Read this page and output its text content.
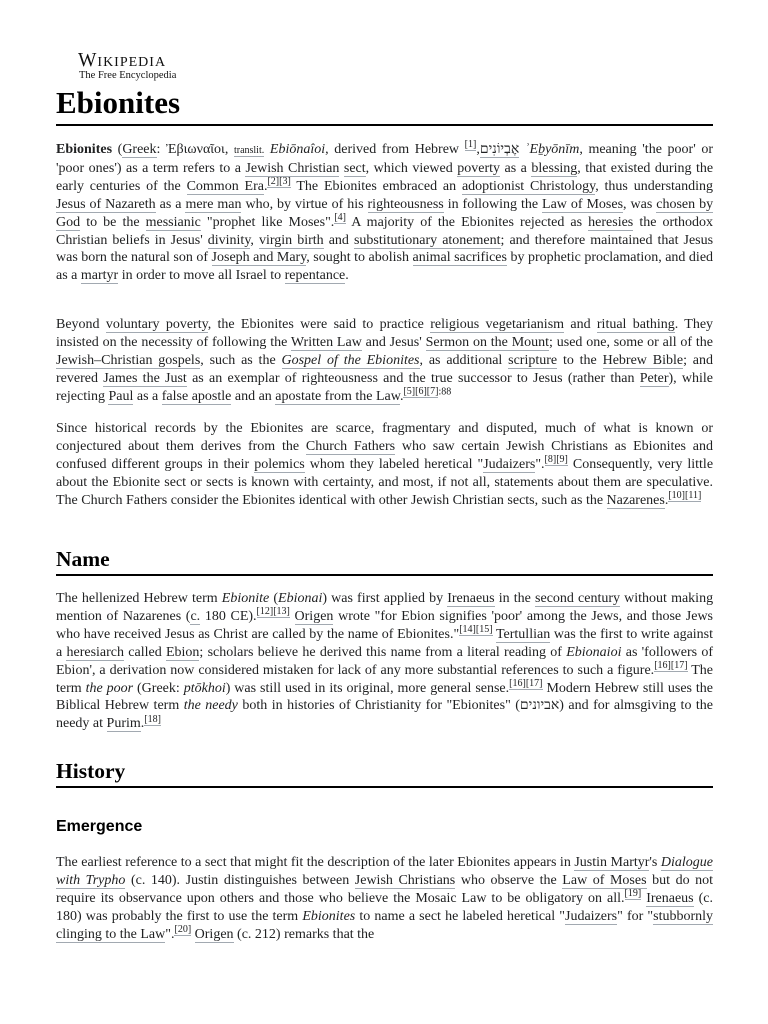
Wikipedia
The Free Encyclopedia
Ebionites

Ebionites (Greek: Ἐβιωναῖοι, translit. Ebiōnaîoi, derived from Hebrew אֶבְיוֹנִים,[1]	ʾEḇyōnīm, meaning 'the poor' or 'poor ones') as a term refers to a Jewish Christian sect, which viewed poverty as a blessing, that existed during the early centuries of the Common Era.[2][3] The Ebionites embraced an adoptionist Christology, thus understanding Jesus of Nazareth as a mere man who, by virtue of his righteousness in following the Law of Moses, was chosen by God to be the messianic "prophet like Moses".[4] A majority of the Ebionites rejected as heresies the orthodox Christian beliefs in Jesus' divinity, virgin birth and substitutionary atonement; and therefore maintained that Jesus was born the natural son of Joseph and Mary, sought to abolish animal sacrifices by prophetic proclamation, and died as a martyr in order to move all Israel to repentance.

Beyond voluntary poverty, the Ebionites were said to practice religious vegetarianism and ritual bathing. They insisted on the necessity of following the Written Law and Jesus' Sermon on the Mount; used one, some or all of the Jewish–Christian gospels, such as the Gospel of the Ebionites, as additional scripture to the Hebrew Bible; and revered James the Just as an exemplar of righteousness and the true successor to Jesus (rather than Peter), while rejecting Paul as a false apostle and an apostate from the Law.$^{[5][6][7]:88}$

Since historical records by the Ebionites are scarce, fragmentary and disputed, much of what is known or conjectured about them derives from the Church Fathers who saw certain Jewish Christians as Ebionites and confused different groups in their polemics whom they labeled heretical "Judaizers".[8][9] Consequently, very little about the Ebionite sect or sects is known with certainty, and most, if not all, statements about them are speculative. The Church Fathers consider the Ebionites identical with other Jewish Christian sects, such as the Nazarenes.[10][11]

Name

The hellenized Hebrew term Ebionite (Ebionai) was first applied by Irenaeus in the second century without making mention of Nazarenes (c. 180 CE).[12][13] Origen wrote "for Ebion signifies 'poor' among the Jews, and those Jews who have received Jesus as Christ are called by the name of Ebionites."[14][15] Tertullian was the first to write against a heresiarch called Ebion; scholars believe he derived this name from a literal reading of Ebionaioi as 'followers of Ebion', a derivation now considered mistaken for lack of any more substantial references to such a figure.[16][17] The term the poor (Greek: ptōkhoi) was still used in its original, more general sense.[16][17] Modern Hebrew still uses the Biblical Hebrew term the needy both in histories of Christianity for "Ebionites" (אביונים) and for almsgiving to the needy at Purim.[18]

History
Emergence

The earliest reference to a sect that might fit the description of the later Ebionites appears in Justin Martyr's Dialogue with Trypho (c. 140). Justin distinguishes between Jewish Christians who observe the Law of Moses but do not require its observance upon others and those who believe the Mosaic Law to be obligatory on all.[19] Irenaeus (c. 180) was probably the first to use the term Ebionites to name a sect he labeled heretical "Judaizers" for "stubbornly clinging to the Law".[20] Origen (c. 212) remarks that the
